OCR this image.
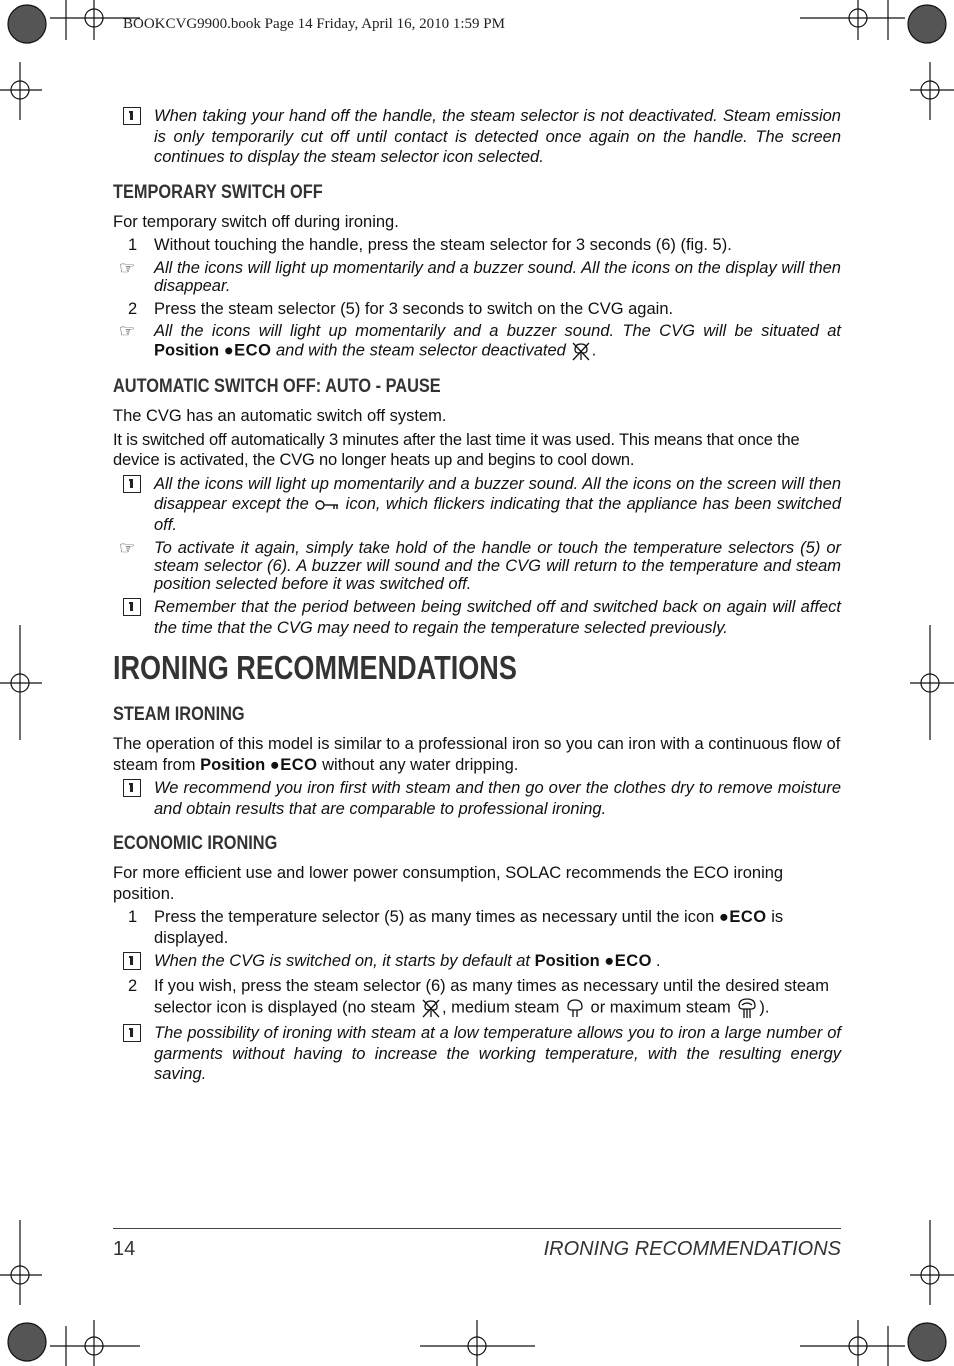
BOOKCVG9900.book Page 14 Friday, April 16, 2010 1:59 PM
When taking your hand off the handle, the steam selector is not deactivated. Steam emission is only temporarily cut off until contact is detected once again on the handle. The screen continues to display the steam selector icon selected.
TEMPORARY SWITCH OFF
For temporary switch off during ironing.
1 Without touching the handle, press the steam selector for 3 seconds (6) (fig. 5).
☞ All the icons will light up momentarily and a buzzer sound. All the icons on the display will then disappear.
2 Press the steam selector (5) for 3 seconds to switch on the CVG again.
☞ All the icons will light up momentarily and a buzzer sound. The CVG will be situated at Position ●ECO and with the steam selector deactivated .
AUTOMATIC SWITCH OFF: AUTO - PAUSE
The CVG has an automatic switch off system.
It is switched off automatically 3 minutes after the last time it was used. This means that once the device is activated, the CVG no longer heats up and begins to cool down.
All the icons will light up momentarily and a buzzer sound. All the icons on the screen will then disappear except the  icon, which flickers indicating that the appliance has been switched off.
☞ To activate it again, simply take hold of the handle or touch the temperature selectors (5) or steam selector (6). A buzzer will sound and the CVG will return to the temperature and steam position selected before it was switched off.
Remember that the period between being switched off and switched back on again will affect the time that the CVG may need to regain the temperature selected previously.
IRONING RECOMMENDATIONS
STEAM IRONING
The operation of this model is similar to a professional iron so you can iron with a continuous flow of steam from Position ●ECO without any water dripping.
We recommend you iron first with steam and then go over the clothes dry to remove moisture and obtain results that are comparable to professional ironing.
ECONOMIC IRONING
For more efficient use and lower power consumption, SOLAC recommends the ECO ironing position.
1 Press the temperature selector (5) as many times as necessary until the icon ●ECO is displayed.
When the CVG is switched on, it starts by default at Position ●ECO .
2 If you wish, press the steam selector (6) as many times as necessary until the desired steam selector icon is displayed (no steam , medium steam  or maximum steam ).
The possibility of ironing with steam at a low temperature allows you to iron a large number of garments without having to increase the working temperature, with the resulting energy saving.
14	IRONING RECOMMENDATIONS
